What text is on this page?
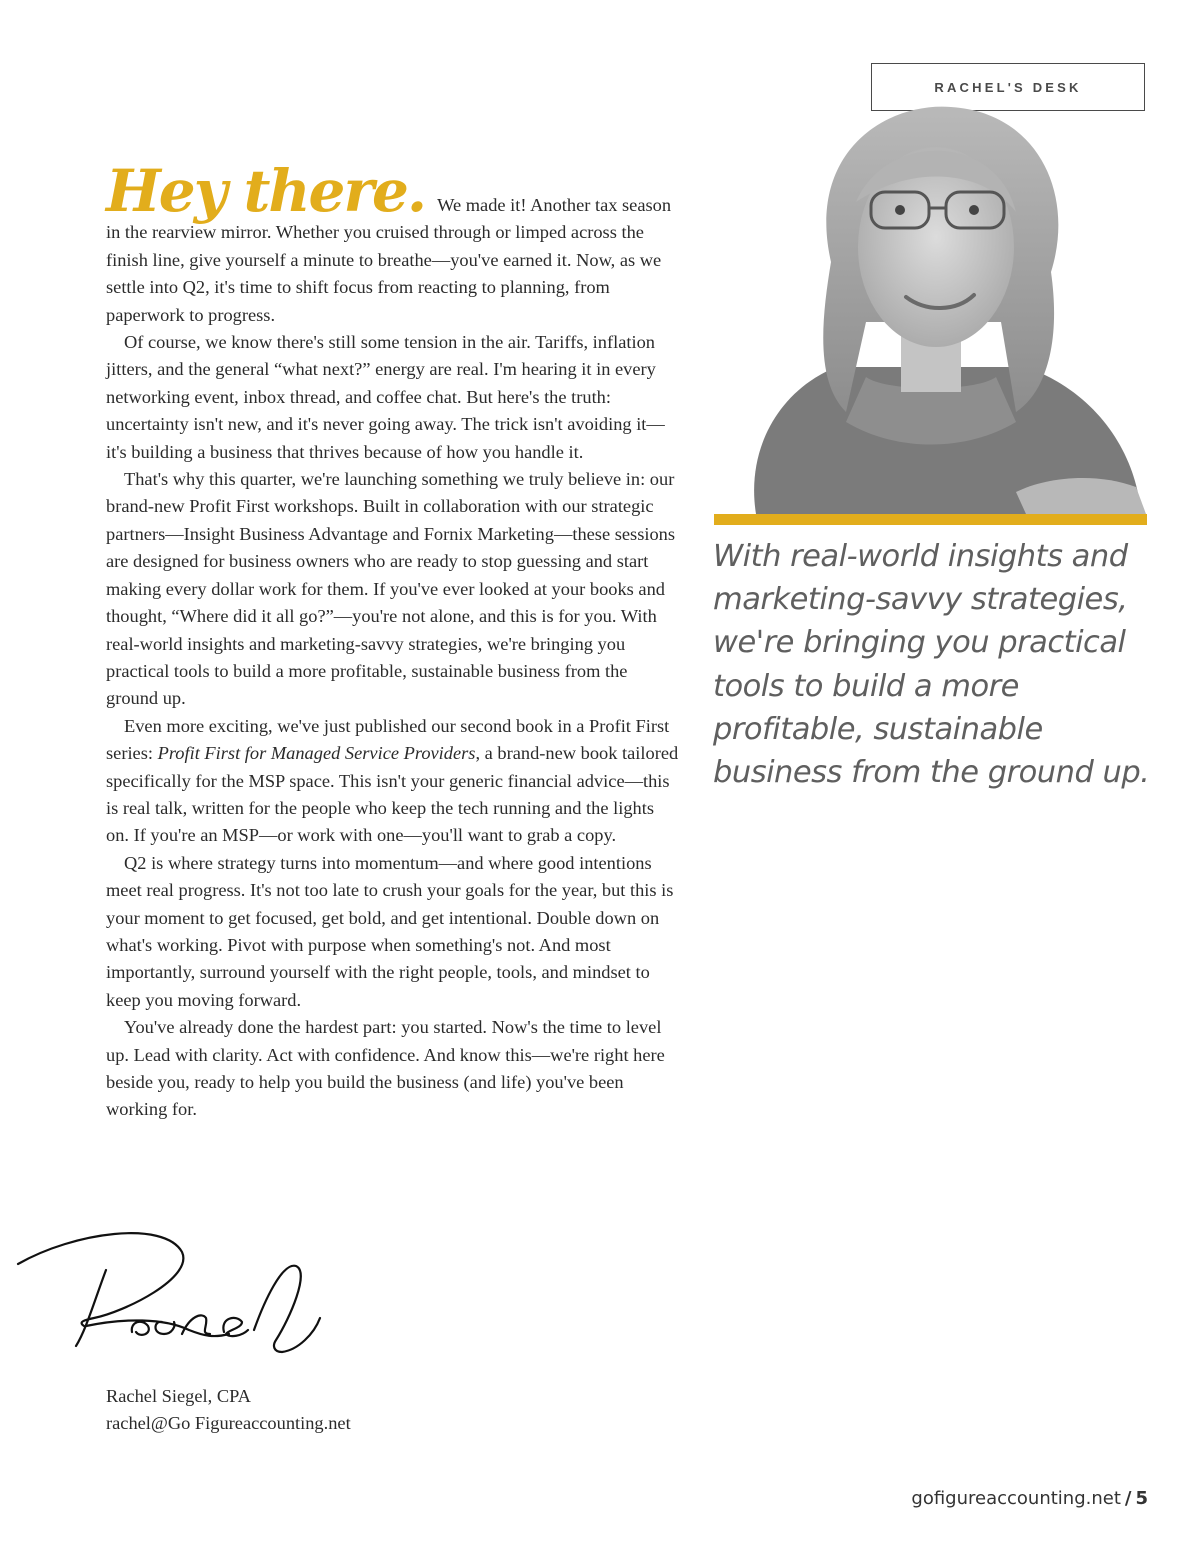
RACHEL'S DESK
With real-world insights and marketing-savvy strategies, we're bringing you practical tools to build a more profitable, sustainable business from the ground up.

Hey there. We made it! Another tax season in the rearview mirror. Whether you cruised through or limped across the finish line, give yourself a minute to breathe—you've earned it. Now, as we settle into Q2, it's time to shift focus from reacting to planning, from paperwork to progress.

Of course, we know there's still some tension in the air. Tariffs, inflation jitters, and the general “what next?” energy are real. I'm hearing it in every networking event, inbox thread, and coffee chat. But here's the truth: uncertainty isn't new, and it's never going away. The trick isn't avoiding it—it's building a business that thrives because of how you handle it.

That's why this quarter, we're launching something we truly believe in: our brand-new Profit First workshops. Built in collaboration with our strategic partners—Insight Business Advantage and Fornix Marketing—these sessions are designed for business owners who are ready to stop guessing and start making every dollar work for them. If you've ever looked at your books and thought, “Where did it all go?”—you're not alone, and this is for you. With real-world insights and marketing-savvy strategies, we're bringing you practical tools to build a more profitable, sustainable business from the ground up.

Even more exciting, we've just published our second book in a Profit First series: Profit First for Managed Service Providers, a brand-new book tailored specifically for the MSP space. This isn't your generic financial advice—this is real talk, written for the people who keep the tech running and the lights on. If you're an MSP—or work with one—you'll want to grab a copy.

Q2 is where strategy turns into momentum—and where good intentions meet real progress. It's not too late to crush your goals for the year, but this is your moment to get focused, get bold, and get intentional. Double down on what's working. Pivot with purpose when something's not. And most importantly, surround yourself with the right people, tools, and mindset to keep you moving forward.

You've already done the hardest part: you started. Now's the time to level up. Lead with clarity. Act with confidence. And know this—we're right here beside you, ready to help you build the business (and life) you've been working for.

Rachel Siegel, CPA
rachel@Go Figureaccounting.net
gofigureaccounting.net / 5
